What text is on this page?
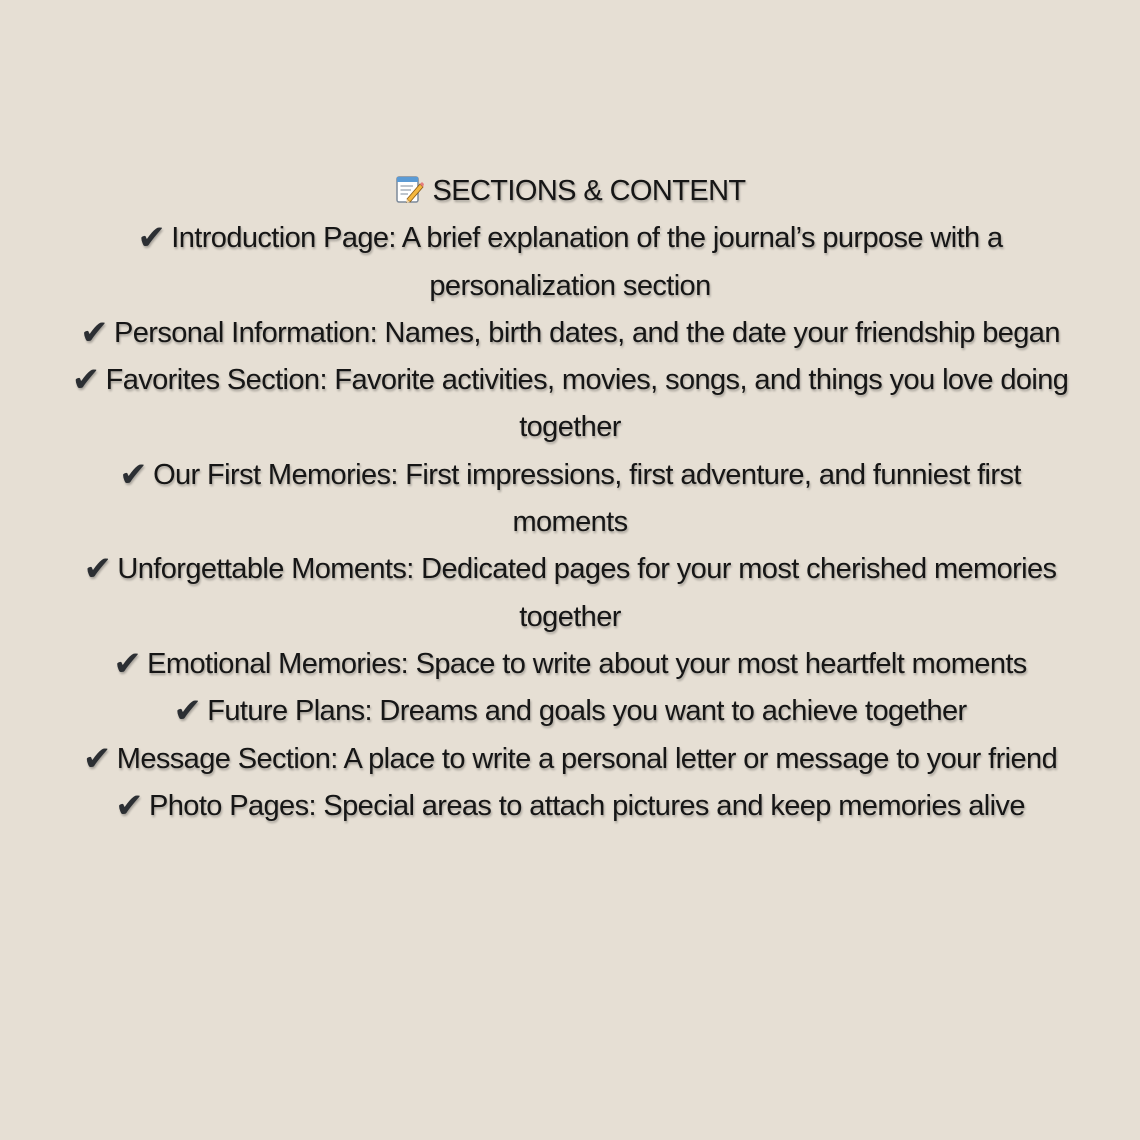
SECTIONS & CONTENT

✔ Introduction Page: A brief explanation of the journal’s purpose with a personalization section

✔ Personal Information: Names, birth dates, and the date your friendship began

✔ Favorites Section: Favorite activities, movies, songs, and things you love doing together

✔ Our First Memories: First impressions, first adventure, and funniest first moments

✔ Unforgettable Moments: Dedicated pages for your most cherished memories together

✔ Emotional Memories: Space to write about your most heartfelt moments

✔ Future Plans: Dreams and goals you want to achieve together

✔ Message Section: A place to write a personal letter or message to your friend

✔ Photo Pages: Special areas to attach pictures and keep memories alive
